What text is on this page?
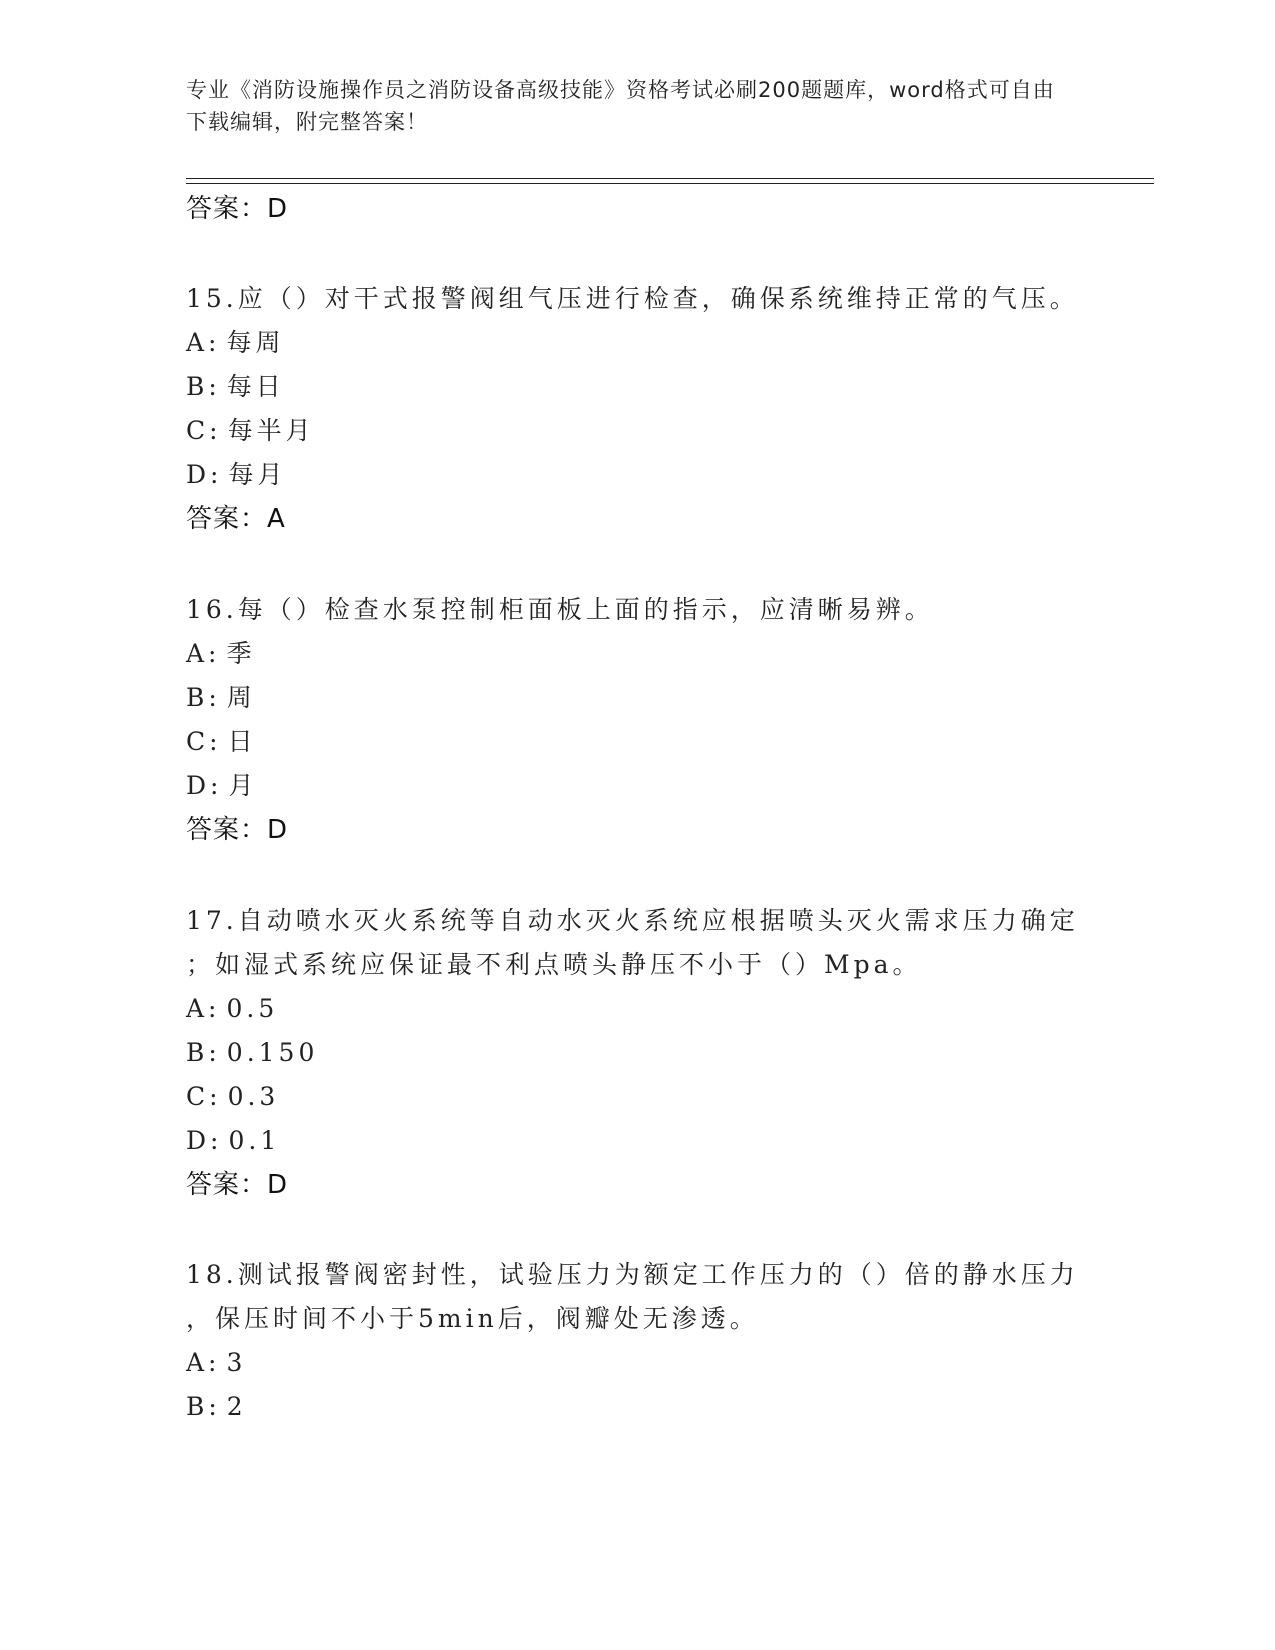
专业《消防设施操作员之消防设备高级技能》资格考试必刷200题题库，word格式可自由下载编辑，附完整答案！
答案：D
15.应（）对干式报警阀组气压进行检查，确保系统维持正常的气压。
A: 每周
B: 每日
C: 每半月
D: 每月
答案：A
16.每（）检查水泵控制柜面板上面的指示，应清晰易辨。
A: 季
B: 周
C: 日
D: 月
答案：D
17.自动喷水灭火系统等自动水灭火系统应根据喷头灭火需求压力确定
；如湿式系统应保证最不利点喷头静压不小于（）Mpa。
A: 0.5
B: 0.150
C: 0.3
D: 0.1
答案：D
18.测试报警阀密封性，试验压力为额定工作压力的（）倍的静水压力
，保压时间不小于5min后，阀瓣处无渗透。
A: 3
B: 2
